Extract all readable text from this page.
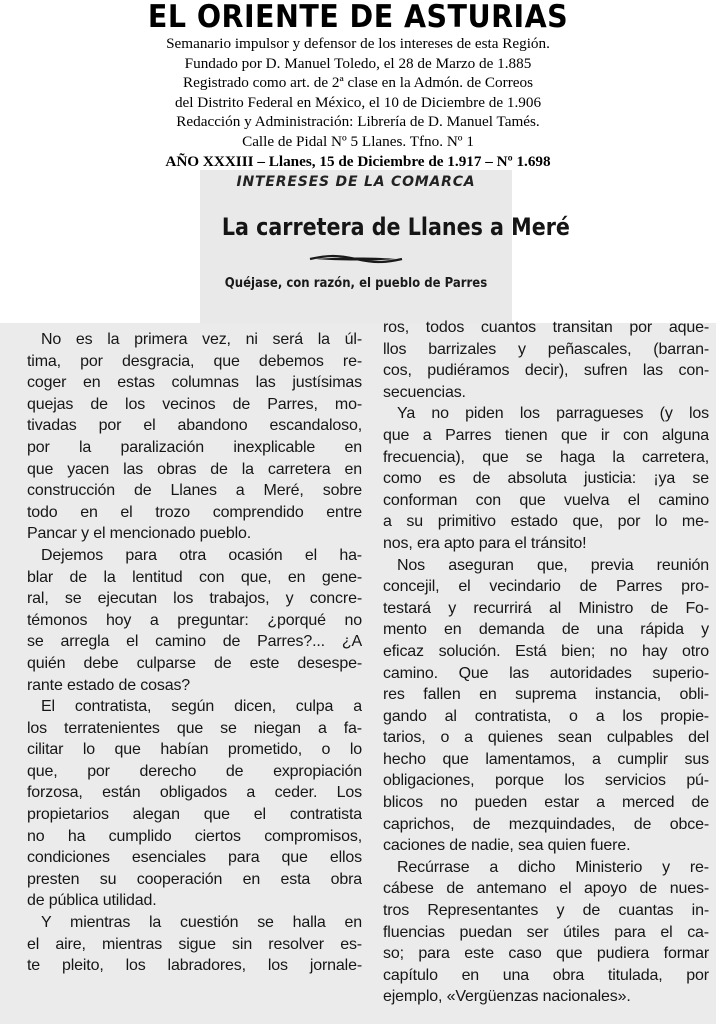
EL ORIENTE DE ASTURIAS
Semanario impulsor y defensor de los intereses de esta Región.
Fundado por D. Manuel Toledo, el 28 de Marzo de 1.885
Registrado como art. de 2ª clase en la Admón. de Correos
del Distrito Federal en México, el 10 de Diciembre de 1.906
Redacción y Administración: Librería de D. Manuel Tamés.
Calle de Pidal Nº 5 Llanes. Tfno. Nº 1
AÑO XXXIII – Llanes, 15 de Diciembre de 1.917 – Nº 1.698
INTERESES DE LA COMARCA
La carretera de Llanes a Meré
Quéjase, con razón, el pueblo de Parres
No es la primera vez, ni será la úl-
tima, por desgracia, que debemos re-
coger en estas columnas las justísimas
quejas de los vecinos de Parres, mo-
tivadas por el abandono escandaloso,
por la paralización inexplicable en
que yacen las obras de la carretera en
construcción de Llanes a Meré, sobre
todo en el trozo comprendido entre
Pancar y el mencionado pueblo.
Dejemos para otra ocasión el ha-
blar de la lentitud con que, en gene-
ral, se ejecutan los trabajos, y concre-
témonos hoy a preguntar: ¿porqué no
se arregla el camino de Parres?... ¿A
quién debe culparse de este desespe-
rante estado de cosas?
El contratista, según dicen, culpa a
los terratenientes que se niegan a fa-
cilitar lo que habían prometido, o lo
que, por derecho de expropiación
forzosa, están obligados a ceder. Los
propietarios alegan que el contratista
no ha cumplido ciertos compromisos,
condiciones esenciales para que ellos
presten su cooperación en esta obra
de pública utilidad.
Y mientras la cuestión se halla en
el aire, mientras sigue sin resolver es-
te pleito, los labradores, los jornale-
ros, todos cuantos transitan por aque-
llos barrizales y peñascales, (barran-
cos, pudiéramos decir), sufren las con-
secuencias.
Ya no piden los parragueses (y los
que a Parres tienen que ir con alguna
frecuencia), que se haga la carretera,
como es de absoluta justicia: ¡ya se
conforman con que vuelva el camino
a su primitivo estado que, por lo me-
nos, era apto para el tránsito!
Nos aseguran que, previa reunión
concejil, el vecindario de Parres pro-
testará y recurrirá al Ministro de Fo-
mento en demanda de una rápida y
eficaz solución. Está bien; no hay otro
camino. Que las autoridades superio-
res fallen en suprema instancia, obli-
gando al contratista, o a los propie-
tarios, o a quienes sean culpables del
hecho que lamentamos, a cumplir sus
obligaciones, porque los servicios pú-
blicos no pueden estar a merced de
caprichos, de mezquindades, de obce-
caciones de nadie, sea quien fuere.
Recúrrase a dicho Ministerio y re-
cábese de antemano el apoyo de nues-
tros Representantes y de cuantas in-
fluencias puedan ser útiles para el ca-
so; para este caso que pudiera formar
capítulo en una obra titulada, por
ejemplo, «Vergüenzas nacionales».
